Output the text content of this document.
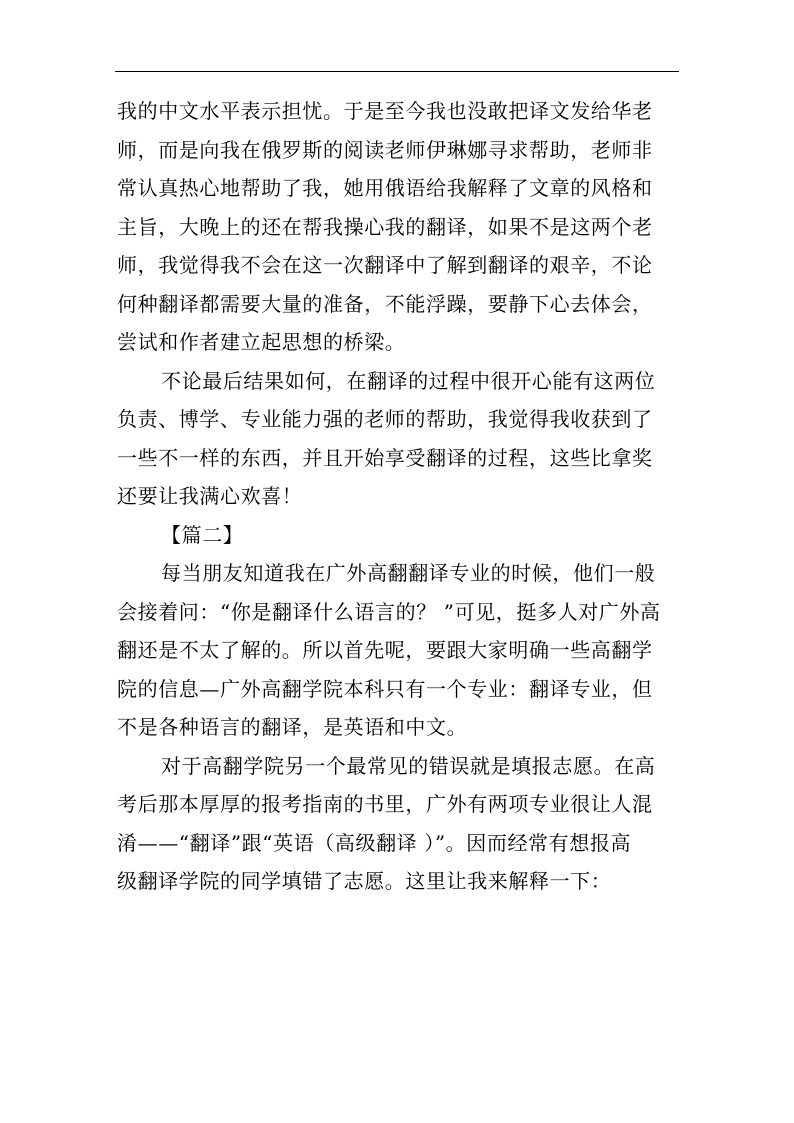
我的中文水平表示担忧。于是至今我也没敢把译文发给华老
师，而是向我在俄罗斯的阅读老师伊琳娜寻求帮助，老师非
常认真热心地帮助了我，她用俄语给我解释了文章的风格和
主旨，大晚上的还在帮我操心我的翻译，如果不是这两个老
师，我觉得我不会在这一次翻译中了解到翻译的艰辛，不论
何种翻译都需要大量的准备，不能浮躁，要静下心去体会，
尝试和作者建立起思想的桥梁。
不论最后结果如何，在翻译的过程中很开心能有这两位
负责、博学、专业能力强的老师的帮助，我觉得我收获到了
一些不一样的东西，并且开始享受翻译的过程，这些比拿奖
还要让我满心欢喜！
【篇二】
每当朋友知道我在广外高翻翻译专业的时候，他们一般
会接着问：“你是翻译什么语言的？ ”可见，挺多人对广外高
翻还是不太了解的。所以首先呢，要跟大家明确一些高翻学
院的信息—广外高翻学院本科只有一个专业：翻译专业，但
不是各种语言的翻译，是英语和中文。
对于高翻学院另一个最常见的错误就是填报志愿。在高
考后那本厚厚的报考指南的书里，广外有两项专业很让人混
淆——“翻译”跟“英语（高级翻译 ）”。因而经常有想报高
级翻译学院的同学填错了志愿。这里让我来解释一下：
